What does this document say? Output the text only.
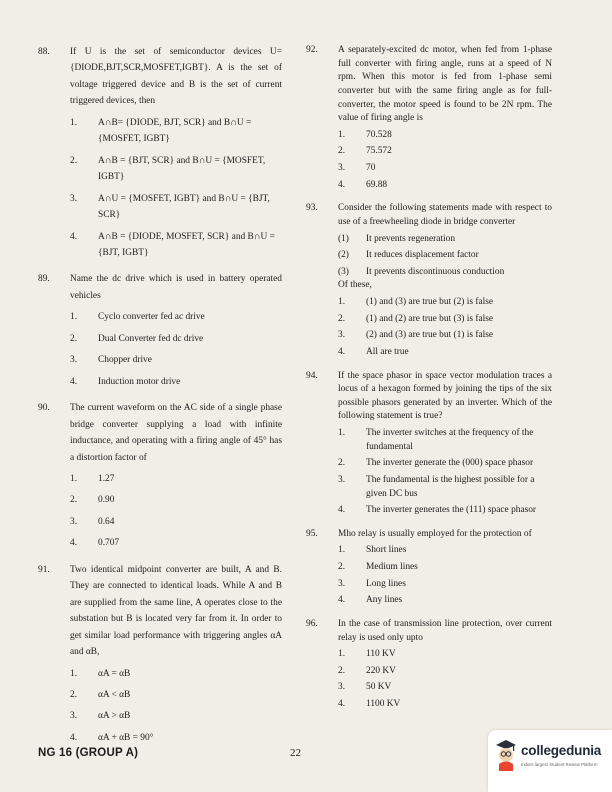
88. If U is the set of semiconductor devices U={DIODE,BJT,SCR,MOSFET,IGBT}. A is the set of voltage triggered device and B is the set of current triggered devices, then
1. A∩B= {DIODE, BJT, SCR} and B∩U = {MOSFET, IGBT}
2. A∩B = {BJT, SCR} and B∩U = {MOSFET, IGBT}
3. A∩U = {MOSFET, IGBT} and B∩U = {BJT, SCR}
4. A∩B = {DIODE, MOSFET, SCR} and B∩U = {BJT, IGBT}
89. Name the dc drive which is used in battery operated vehicles
1. Cyclo converter fed ac drive
2. Dual Converter fed dc drive
3. Chopper drive
4. Induction motor drive
90. The current waveform on the AC side of a single phase bridge converter supplying a load with infinite inductance, and operating with a firing angle of 45° has a distortion factor of
1. 1.27
2. 0.90
3. 0.64
4. 0.707
91. Two identical midpoint converter are built, A and B. They are connected to identical loads. While A and B are supplied from the same line, A operates close to the substation but B is located very far from it. In order to get similar load performance with triggering angles αA and αB,
1. αA = αB
2. αA < αB
3. αA > αB
4. αA + αB = 90°
92. A separately-excited dc motor, when fed from 1-phase full converter with firing angle, runs at a speed of N rpm. When this motor is fed from 1-phase semi converter but with the same firing angle as for full-converter, the motor speed is found to be 2N rpm. The value of firing angle is
1. 70.528
2. 75.572
3. 70
4. 69.88
93. Consider the following statements made with respect to use of a freewheeling diode in bridge converter
(1) It prevents regeneration
(2) It reduces displacement factor
(3) It prevents discontinuous conduction
Of these,
1. (1) and (3) are true but (2) is false
2. (1) and (2) are true but (3) is false
3. (2) and (3) are true but (1) is false
4. All are true
94. If the space phasor in space vector modulation traces a locus of a hexagon formed by joining the tips of the six possible phasors generated by an inverter. Which of the following statement is true?
1. The inverter switches at the frequency of the fundamental
2. The inverter generate the (000) space phasor
3. The fundamental is the highest possible for a given DC bus
4. The inverter generates the (111) space phasor
95. Mho relay is usually employed for the protection of
1. Short lines
2. Medium lines
3. Long lines
4. Any lines
96. In the case of transmission line protection, over current relay is used only upto
1. 110 KV
2. 220 KV
3. 50 KV
4. 1100 KV
NG 16 (GROUP A)	22	collegedunia
India's largest Student Review Platform
